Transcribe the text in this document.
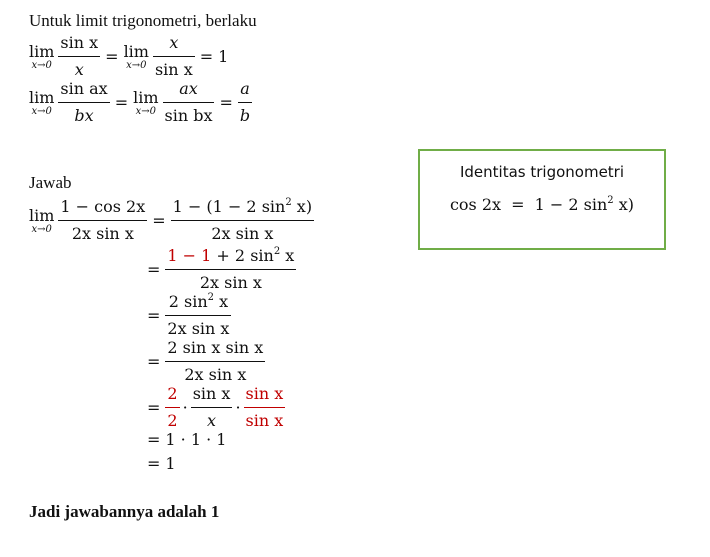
Untuk limit trigonometri, berlaku
lim
$x\to 0 \frac{\text{sin x}}{x} = \lim$
$x\to 0 \frac{x}{\text{sin x}} = 1$
lim
$x\to 0 \frac{\text{sin ax}}{bx} = \lim$
$x\to 0 \frac{ax}{\text{sin bx}} = \frac{a}{b}$
Identitas trigonometri
cos 2x = 1 − 2 $\sin^2 x$)
Jawab
lim
$x\to 0 \frac{1 - \cos 2x}{\text{2x sin x}} = \frac{1 - (1 - 2 \sin^2 x)}{\text{2x sin x}}$
= $\frac{1 - 1 + 2 \sin^2 x}{\text{2x sin x}}$
= $\frac{2 \sin^2 x}{\text{2x sin x}}$
= $\frac{\text{2 sin x sin x}}{\text{2x sin x}}$
= $\frac{2}{2} \cdot \frac{\text{sin x}}{x} \cdot \frac{\text{sin x}}{\text{sin x}}$
= 1 · 1 · 1
= 1
Jadi jawabannya adalah 1
